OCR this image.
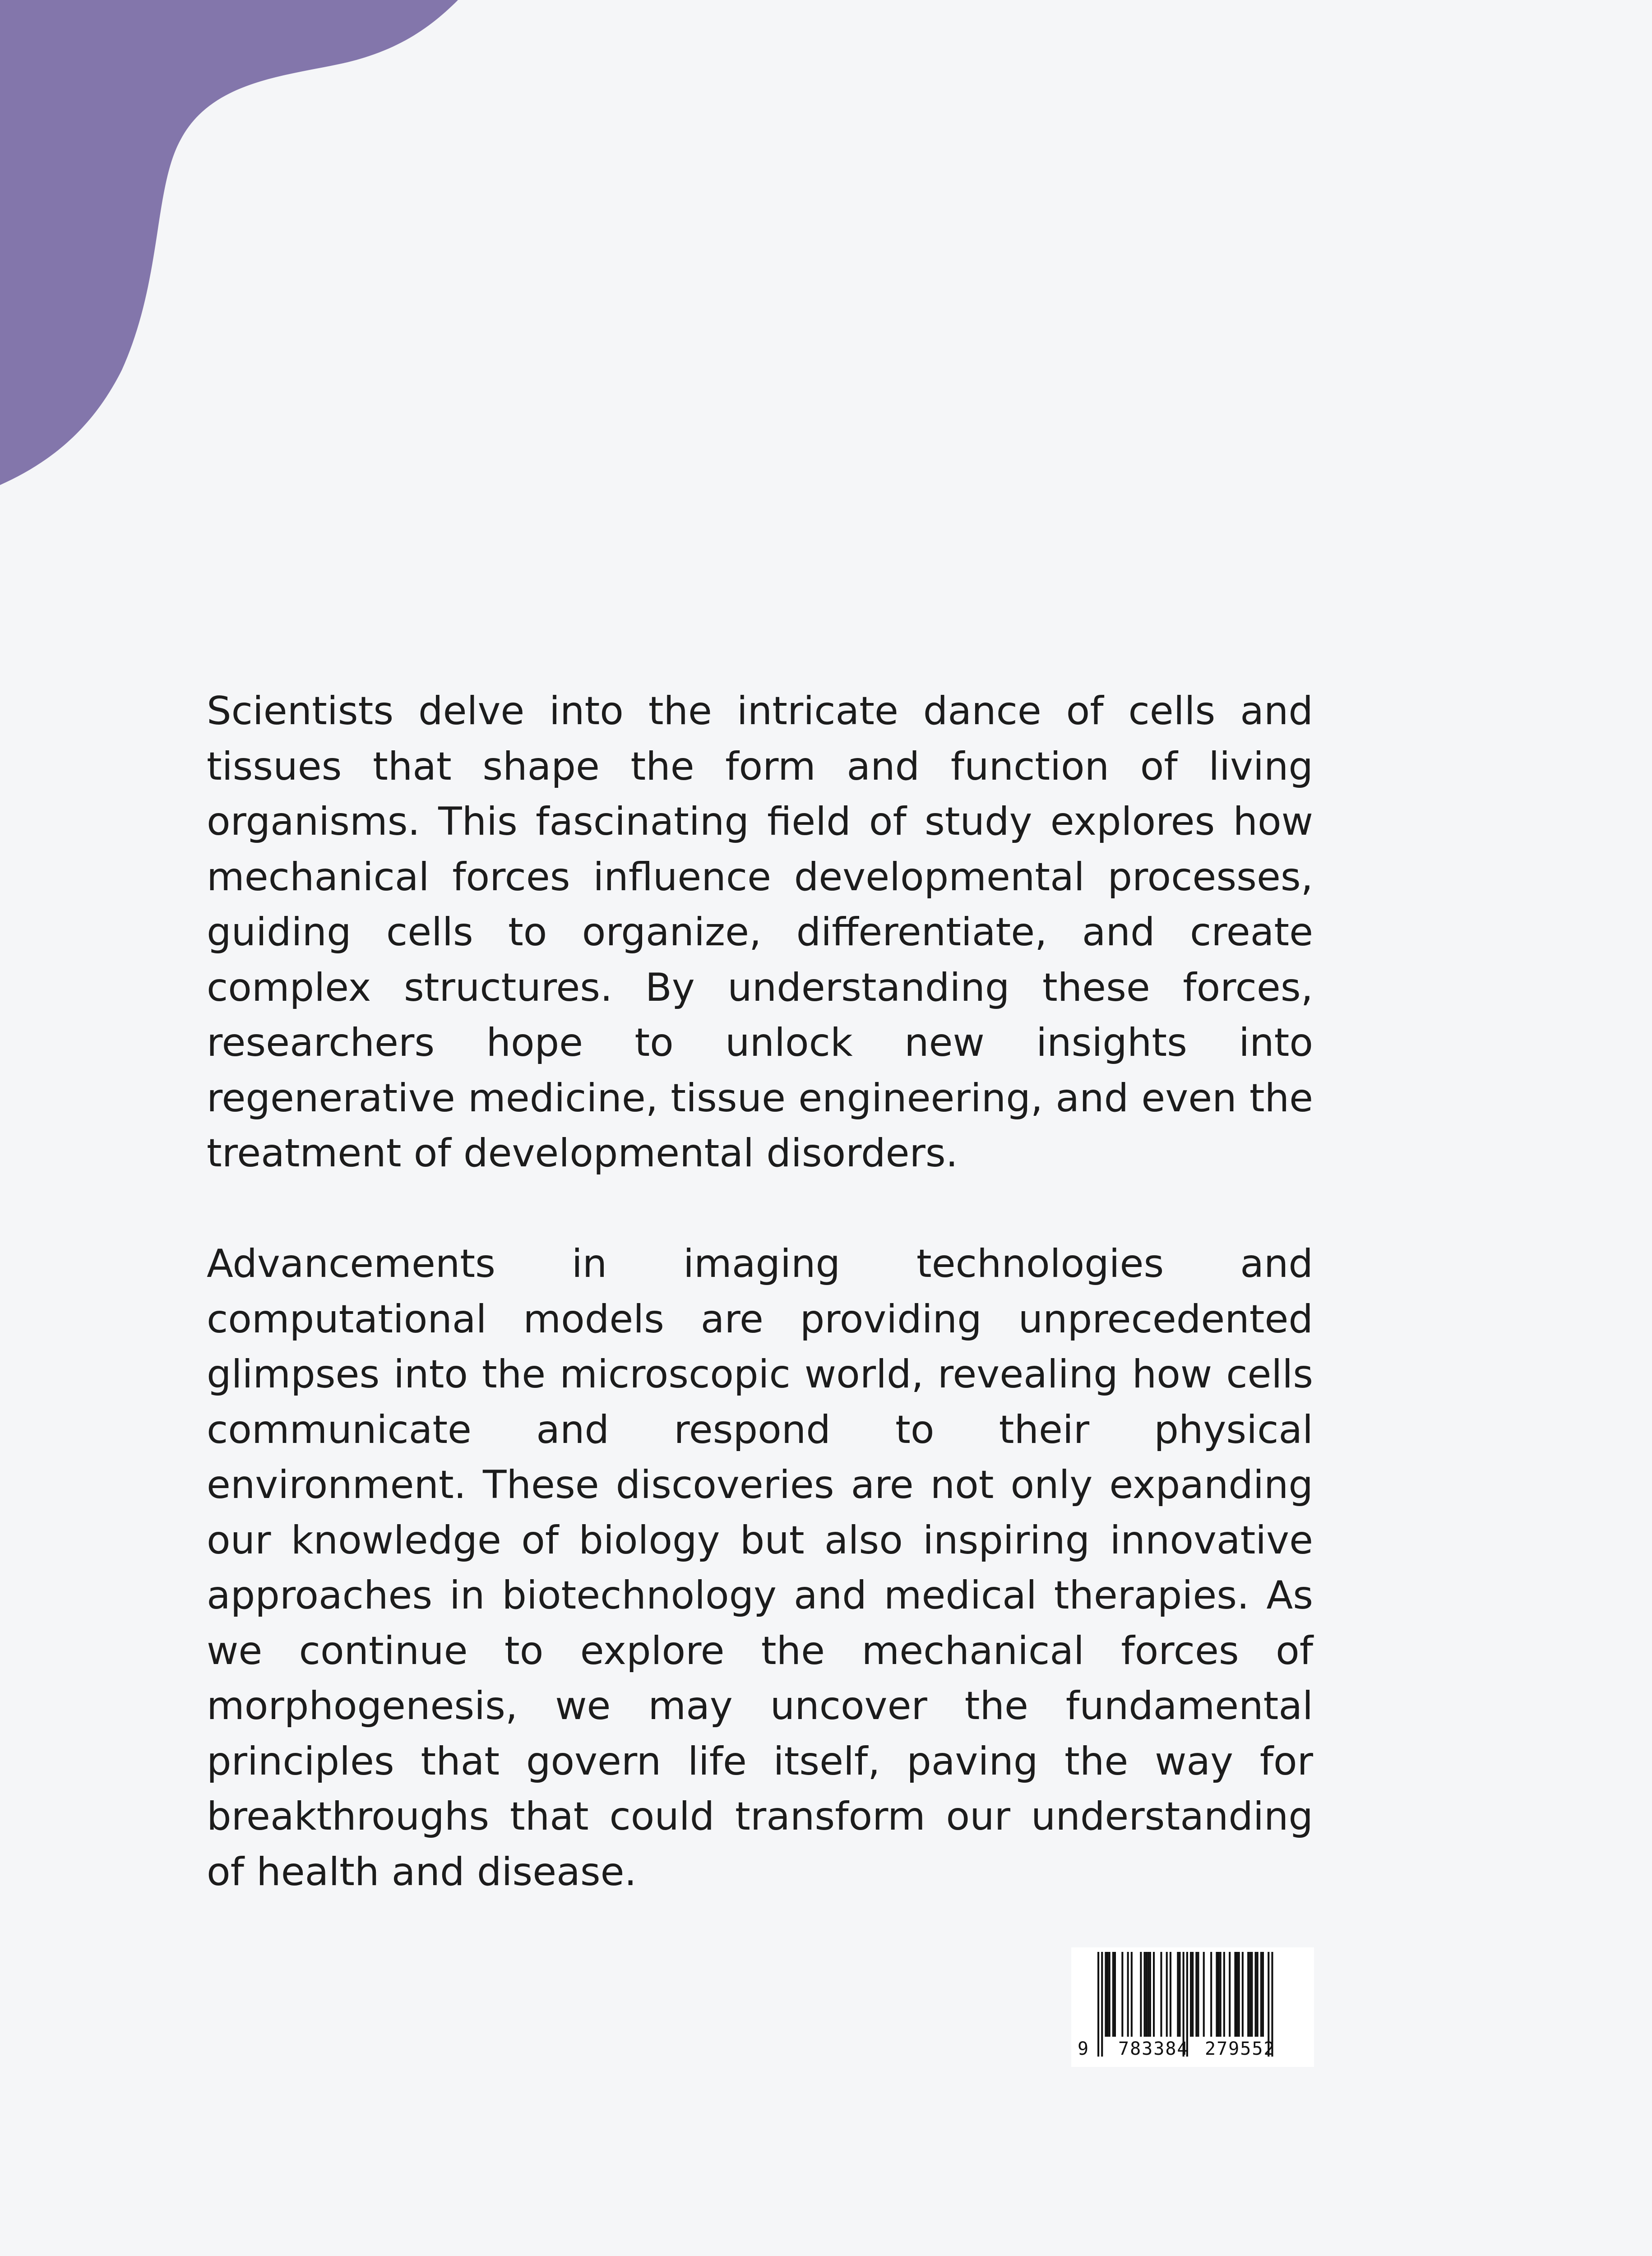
Scientists delve into the intricate dance of cells and tissues that shape the form and function of living organisms. This fascinating field of study explores how mechanical forces influence developmental processes, guiding cells to organize, differentiate, and create complex structures. By understanding these forces, researchers hope to unlock new insights into regenerative medicine, tissue engineering, and even the treatment of developmental disorders.

Advancements in imaging technologies and computational models are providing unprecedented glimpses into the microscopic world, revealing how cells communicate and respond to their physical environment. These discoveries are not only expanding our knowledge of biology but also inspiring innovative approaches in biotechnology and medical therapies. As we continue to explore the mechanical forces of morphogenesis, we may uncover the fundamental principles that govern life itself, paving the way for breakthroughs that could transform our understanding of health and disease.

9 783384 279552
